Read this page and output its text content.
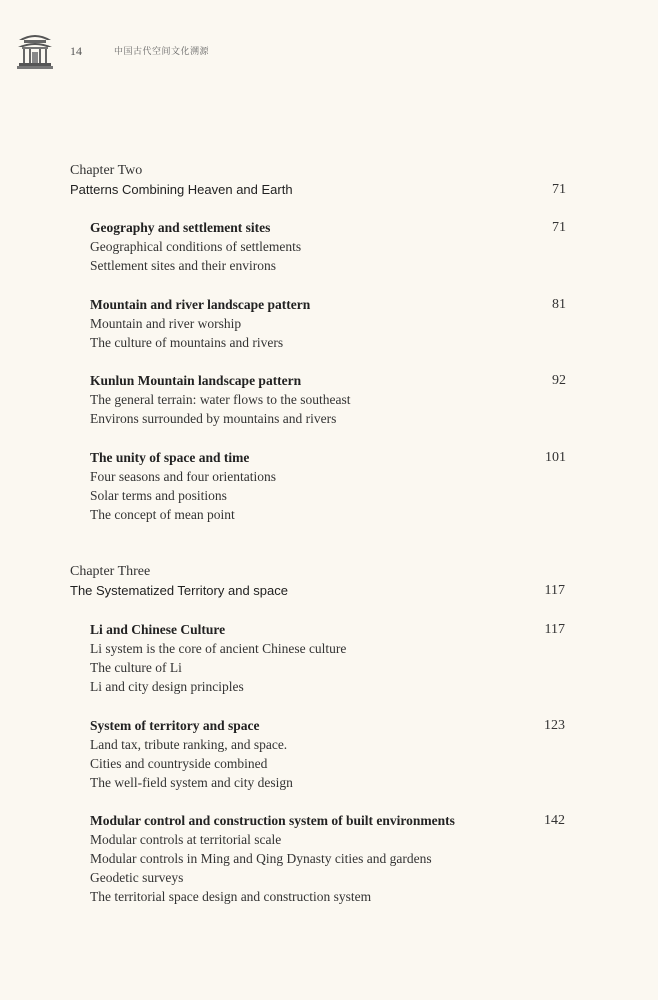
14	中国古代空间文化溯源
Chapter Two
Patterns Combining Heaven and Earth	71
Geography and settlement sites	71
Geographical conditions of settlements
Settlement sites and their environs
Mountain and river landscape pattern	81
Mountain and river worship
The culture of mountains and rivers
Kunlun Mountain landscape pattern	92
The general terrain: water flows to the southeast
Environs surrounded by mountains and rivers
The unity of space and time	101
Four seasons and four orientations
Solar terms and positions
The concept of mean point
Chapter Three
The Systematized Territory and space	117
Li and Chinese Culture	117
Li system is the core of ancient Chinese culture
The culture of Li
Li and city design principles
System of territory and space	123
Land tax, tribute ranking, and space.
Cities and countryside combined
The well-field system and city design
Modular control and construction system of built environments	142
Modular controls at territorial scale
Modular controls in Ming and Qing Dynasty cities and gardens
Geodetic surveys
The territorial space design and construction system
